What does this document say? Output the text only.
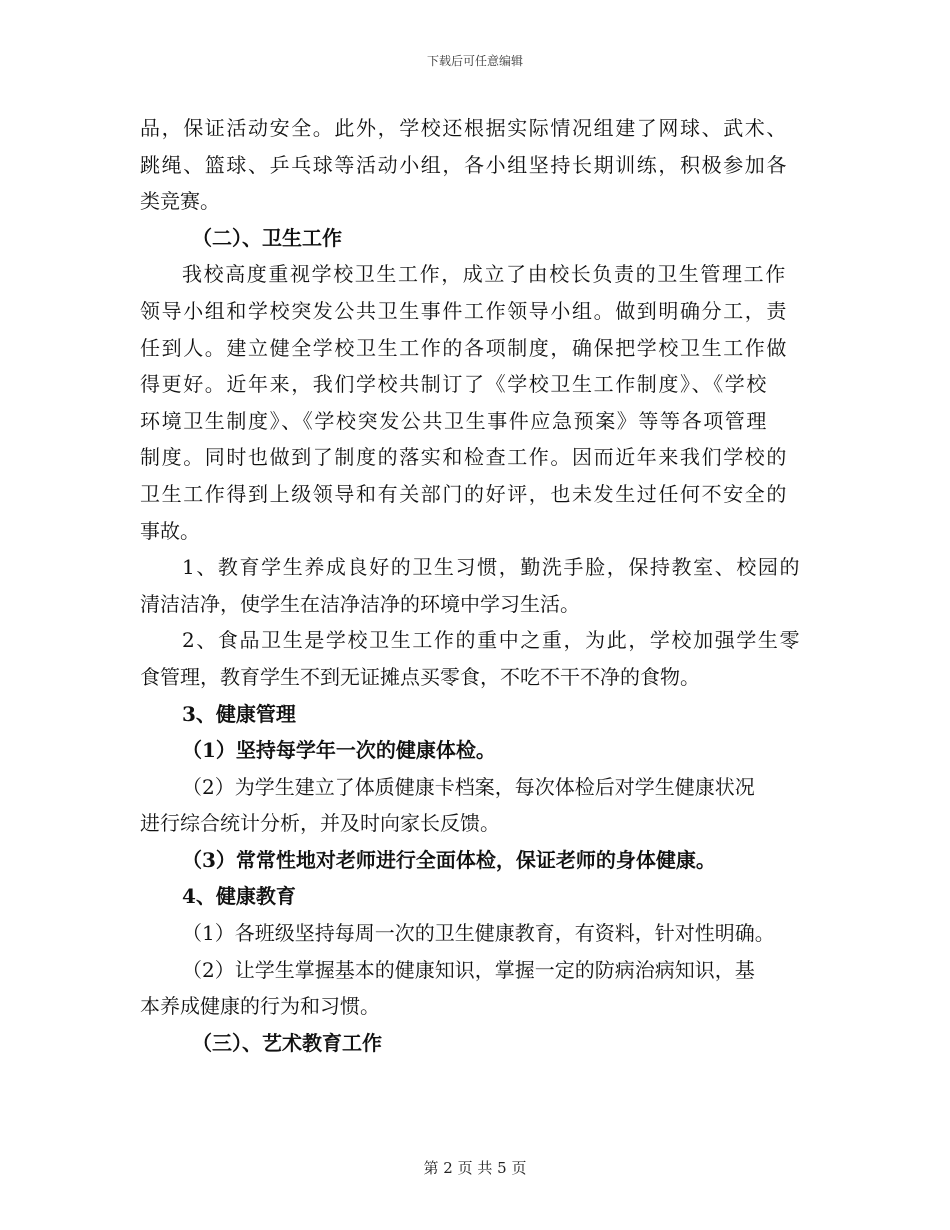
下载后可任意编辑
品，保证活动安全。此外，学校还根据实际情况组建了网球、武术、
跳绳、篮球、乒乓球等活动小组，各小组坚持长期训练，积极参加各
类竞赛。
（二）、卫生工作
我校高度重视学校卫生工作，成立了由校长负责的卫生管理工作
领导小组和学校突发公共卫生事件工作领导小组。做到明确分工，责
任到人。建立健全学校卫生工作的各项制度，确保把学校卫生工作做
得更好。近年来，我们学校共制订了《学校卫生工作制度》、《学校
环境卫生制度》、《学校突发公共卫生事件应急预案》等等各项管理
制度。同时也做到了制度的落实和检查工作。因而近年来我们学校的
卫生工作得到上级领导和有关部门的好评，也未发生过任何不安全的
事故。
1、教育学生养成良好的卫生习惯，勤洗手脸，保持教室、校园的
清洁洁净，使学生在洁净洁净的环境中学习生活。
2、食品卫生是学校卫生工作的重中之重，为此，学校加强学生零
食管理，教育学生不到无证摊点买零食，不吃不干不净的食物。
3、健康管理
（1）坚持每学年一次的健康体检。
（2）为学生建立了体质健康卡档案，每次体检后对学生健康状况
进行综合统计分析，并及时向家长反馈。
（3）常常性地对老师进行全面体检，保证老师的身体健康。
4、健康教育
（1）各班级坚持每周一次的卫生健康教育，有资料，针对性明确。
（2）让学生掌握基本的健康知识，掌握一定的防病治病知识，基
本养成健康的行为和习惯。
（三）、艺术教育工作
第 2 页 共 5 页
